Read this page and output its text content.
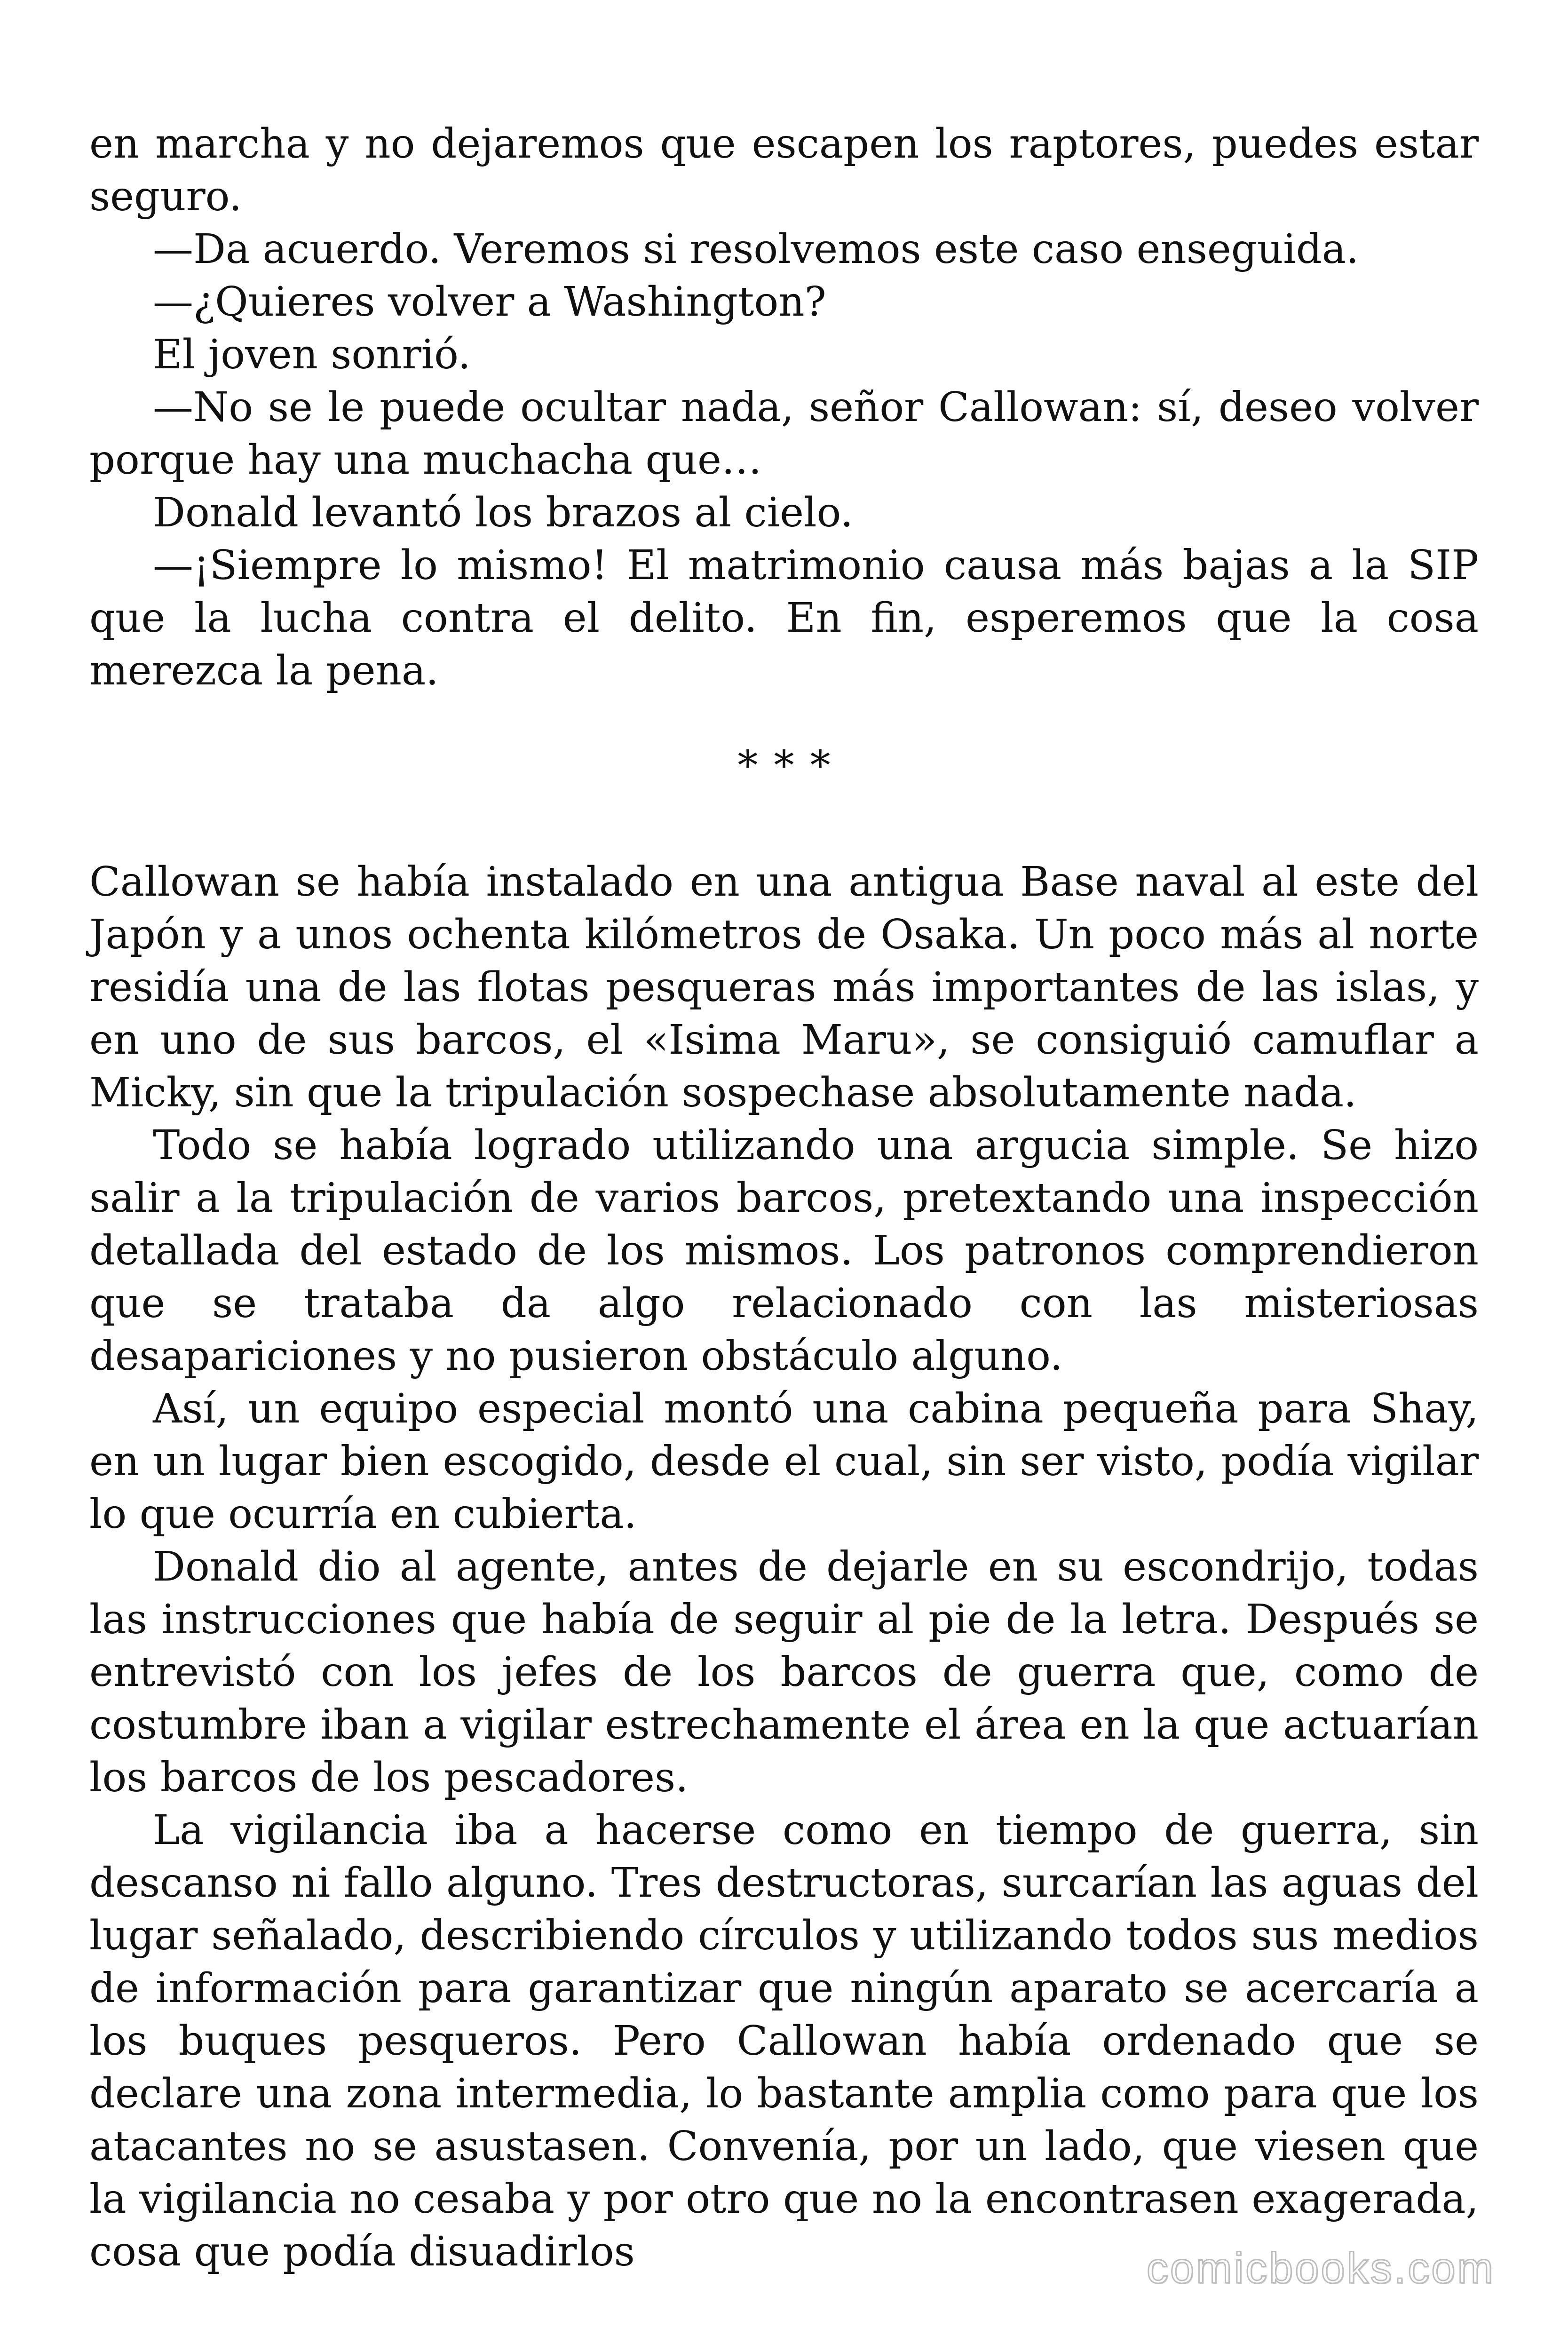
en marcha y no dejaremos que escapen los raptores, puedes estar seguro.

—Da acuerdo. Veremos si resolvemos este caso enseguida.

—¿Quieres volver a Washington?

El joven sonrió.

—No se le puede ocultar nada, señor Callowan: sí, deseo volver porque hay una muchacha que…

Donald levantó los brazos al cielo.

—¡Siempre lo mismo! El matrimonio causa más bajas a la SIP que la lucha contra el delito. En fin, esperemos que la cosa merezca la pena.

***

Callowan se había instalado en una antigua Base naval al este del Japón y a unos ochenta kilómetros de Osaka. Un poco más al norte residía una de las flotas pesqueras más importantes de las islas, y en uno de sus barcos, el «Isima Maru», se consiguió camuflar a Micky, sin que la tripulación sospechase absolutamente nada.

Todo se había logrado utilizando una argucia simple. Se hizo salir a la tripulación de varios barcos, pretextando una inspección detallada del estado de los mismos. Los patronos comprendieron que se trataba da algo relacionado con las misteriosas desapariciones y no pusieron obstáculo alguno.

Así, un equipo especial montó una cabina pequeña para Shay, en un lugar bien escogido, desde el cual, sin ser visto, podía vigilar lo que ocurría en cubierta.

Donald dio al agente, antes de dejarle en su escondrijo, todas las instrucciones que había de seguir al pie de la letra. Después se entrevistó con los jefes de los barcos de guerra que, como de costumbre iban a vigilar estrechamente el área en la que actuarían los barcos de los pescadores.

La vigilancia iba a hacerse como en tiempo de guerra, sin descanso ni fallo alguno. Tres destructoras, surcarían las aguas del lugar señalado, describiendo círculos y utilizando todos sus medios de información para garantizar que ningún aparato se acercaría a los buques pesqueros. Pero Callowan había ordenado que se declare una zona intermedia, lo bastante amplia como para que los atacantes no se asustasen. Convenía, por un lado, que viesen que la vigilancia no cesaba y por otro que no la encontrasen exagerada, cosa que podía disuadirlos	comicbooks.com
